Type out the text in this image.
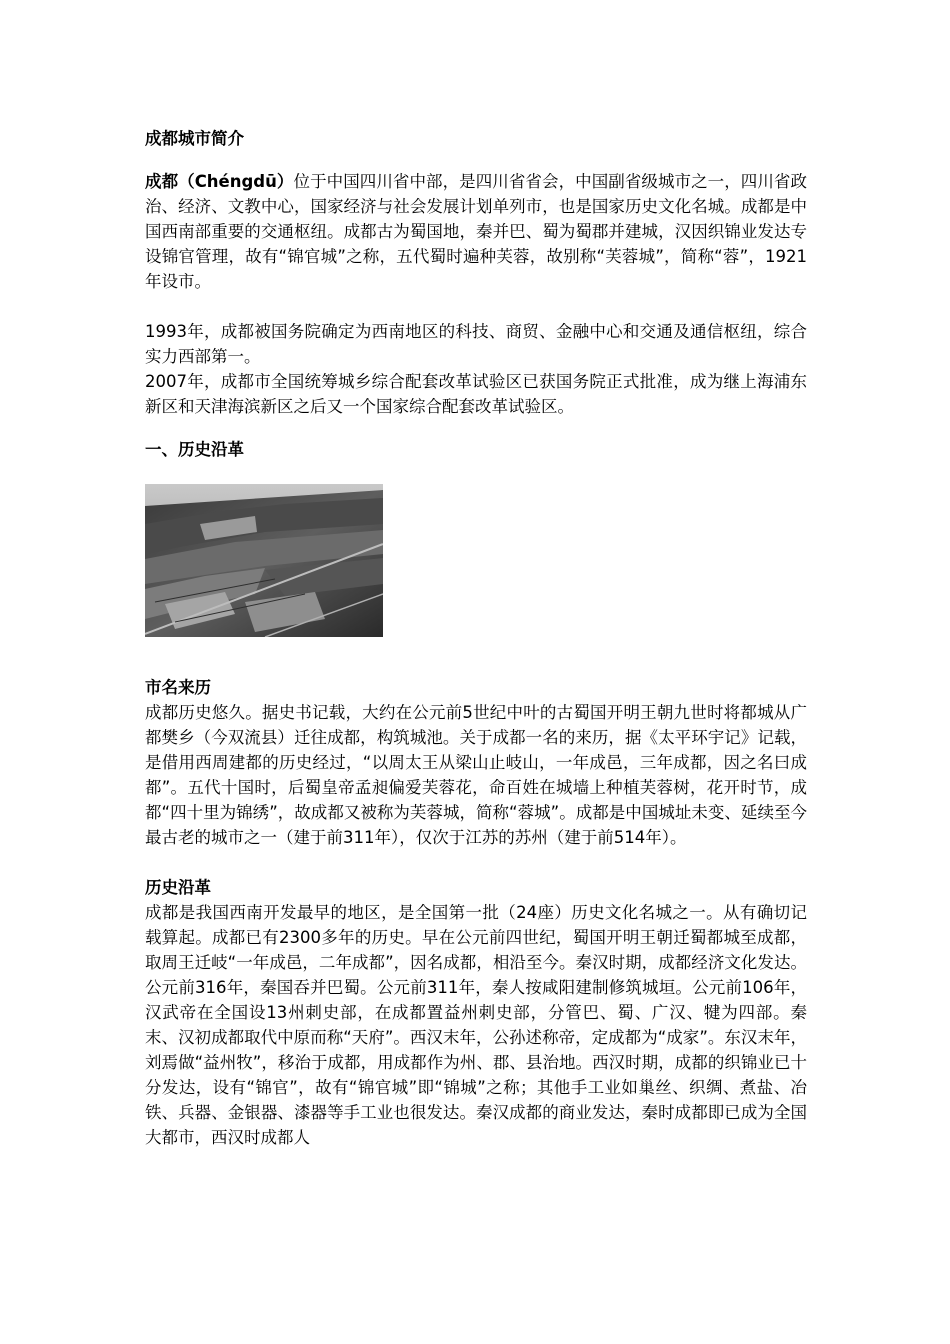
成都城市简介

成都（Chéngdū）位于中国四川省中部，是四川省省会，中国副省级城市之一，四川省政治、经济、文教中心，国家经济与社会发展计划单列市，也是国家历史文化名城。成都是中国西南部重要的交通枢纽。成都古为蜀国地，秦并巴、蜀为蜀郡并建城，汉因织锦业发达专设锦官管理，故有“锦官城”之称，五代蜀时遍种芙蓉，故别称“芙蓉城”，简称“蓉”，1921年设市。

1993年，成都被国务院确定为西南地区的科技、商贸、金融中心和交通及通信枢纽，综合实力西部第一。

2007年，成都市全国统筹城乡综合配套改革试验区已获国务院正式批准，成为继上海浦东新区和天津海滨新区之后又一个国家综合配套改革试验区。

一、历史沿革

市名来历

成都历史悠久。据史书记载，大约在公元前5世纪中叶的古蜀国开明王朝九世时将都城从广都樊乡（今双流县）迁往成都，构筑城池。关于成都一名的来历，据《太平环宇记》记载，是借用西周建都的历史经过，“以周太王从梁山止岐山，一年成邑，三年成都，因之名曰成都”。五代十国时，后蜀皇帝孟昶偏爱芙蓉花，命百姓在城墙上种植芙蓉树，花开时节，成都“四十里为锦绣”，故成都又被称为芙蓉城，简称“蓉城”。成都是中国城址未变、延续至今最古老的城市之一（建于前311年），仅次于江苏的苏州（建于前514年）。

历史沿革

成都是我国西南开发最早的地区，是全国第一批（24座）历史文化名城之一。从有确切记载算起。成都已有2300多年的历史。早在公元前四世纪，蜀国开明王朝迁蜀都城至成都，取周王迁岐“一年成邑，二年成都”，因名成都，相沿至今。秦汉时期，成都经济文化发达。公元前316年，秦国吞并巴蜀。公元前311年，秦人按咸阳建制修筑城垣。公元前106年，汉武帝在全国设13州刺史部，在成都置益州刺史部，分管巴、蜀、广汉、犍为四部。秦末、汉初成都取代中原而称“天府”。西汉末年，公孙述称帝，定成都为“成家”。东汉末年，刘焉做“益州牧”，移治于成都，用成都作为州、郡、县治地。西汉时期，成都的织锦业已十分发达，设有“锦官”，故有“锦官城”即“锦城”之称；其他手工业如巢丝、织绸、煮盐、冶铁、兵器、金银器、漆器等手工业也很发达。秦汉成都的商业发达，秦时成都即已成为全国大都市，西汉时成都人
